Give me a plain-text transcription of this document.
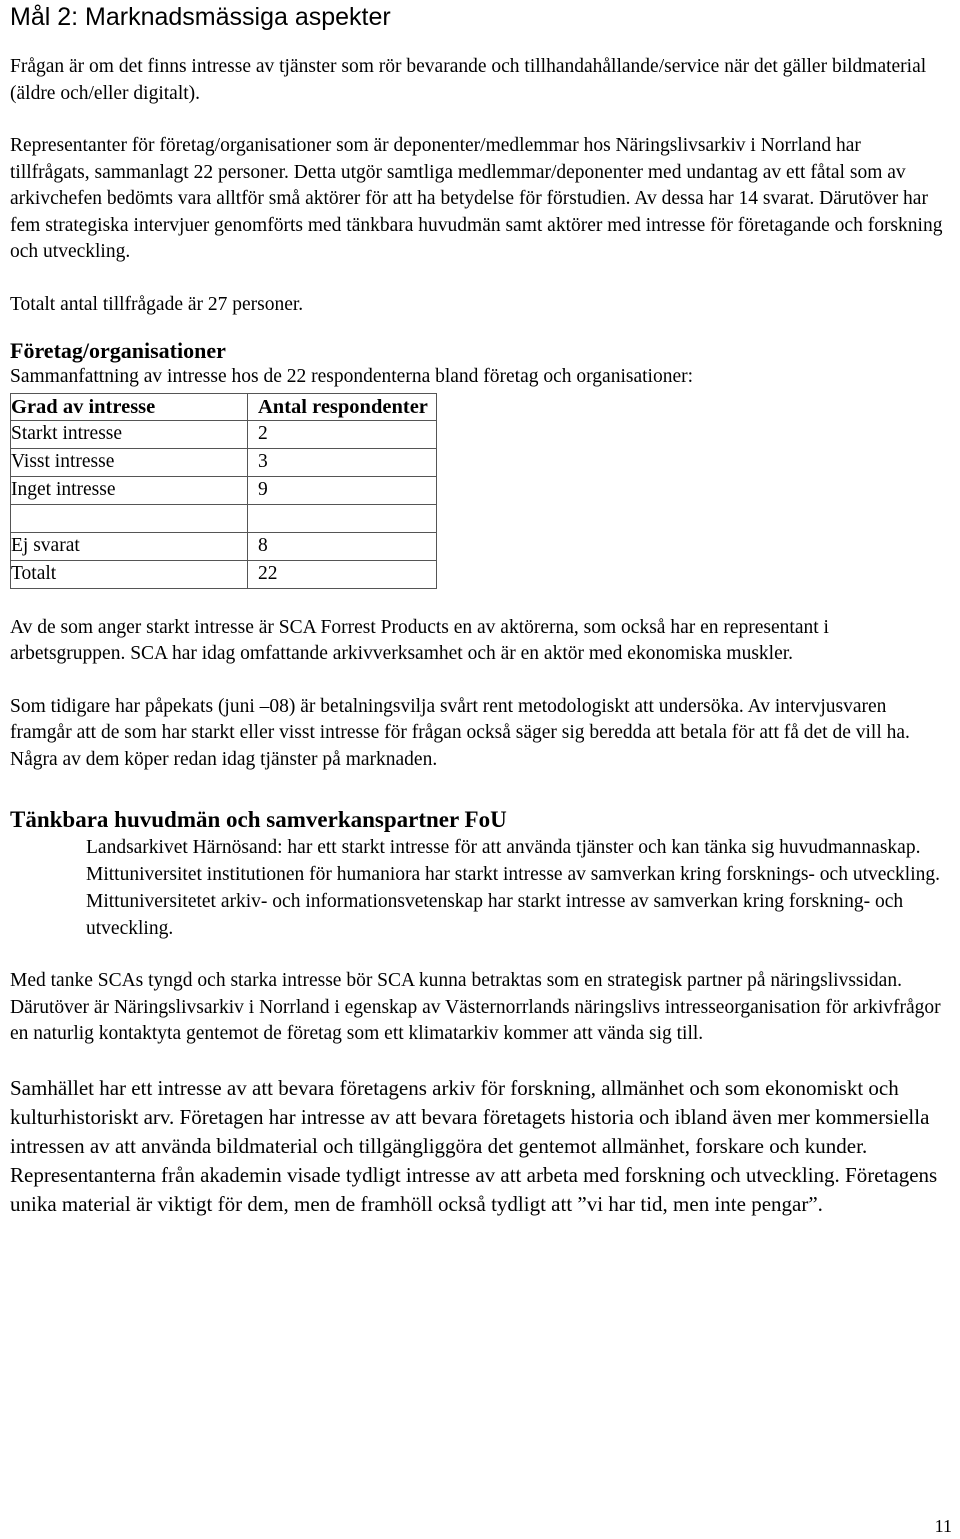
Mål 2: Marknadsmässiga aspekter

Frågan är om det finns intresse av tjänster som rör bevarande och tillhandahållande/service när det gäller bildmaterial (äldre och/eller digitalt).

Representanter för företag/organisationer som är deponenter/medlemmar hos Näringslivsarkiv i Norrland har tillfrågats, sammanlagt 22 personer. Detta utgör samtliga medlemmar/deponenter med undantag av ett fåtal som av arkivchefen bedömts vara alltför små aktörer för att ha betydelse för förstudien. Av dessa har 14 svarat. Därutöver har fem strategiska intervjuer genomförts med tänkbara huvudmän samt aktörer med intresse för företagande och forskning och utveckling.

Totalt antal tillfrågade är 27 personer.

Företag/organisationer

Sammanfattning av intresse hos de 22 respondenterna bland företag och organisationer:

Grad av intresse	Antal respondenter
Starkt intresse	2
Visst intresse	3
Inget intresse	9

Ej svarat	8
Totalt	22

Av de som anger starkt intresse är SCA Forrest Products en av aktörerna, som också har en representant i arbetsgruppen. SCA har idag omfattande arkivverksamhet och är en aktör med ekonomiska muskler.

Som tidigare har påpekats (juni –08) är betalningsvilja svårt rent metodologiskt att undersöka. Av intervjusvaren framgår att de som har starkt eller visst intresse för frågan också säger sig beredda att betala för att få det de vill ha. Några av dem köper redan idag tjänster på marknaden.

Tänkbara huvudmän och samverkanspartner FoU

Landsarkivet Härnösand: har ett starkt intresse för att använda tjänster och kan tänka sig huvudmannaskap.

Mittuniversitet institutionen för humaniora har starkt intresse av samverkan kring forsknings- och utveckling.

Mittuniversitetet arkiv- och informationsvetenskap har starkt intresse av samverkan kring forskning- och utveckling.

Med tanke SCAs tyngd och starka intresse bör SCA kunna betraktas som en strategisk partner på näringslivssidan. Därutöver är Näringslivsarkiv i Norrland i egenskap av Västernorrlands näringslivs intresseorganisation för arkivfrågor en naturlig kontaktyta gentemot de företag som ett klimatarkiv kommer att vända sig till.

Samhället har ett intresse av att bevara företagens arkiv för forskning, allmänhet och som ekonomiskt och kulturhistoriskt arv. Företagen har intresse av att bevara företagets historia och ibland även mer kommersiella intressen av att använda bildmaterial och tillgängliggöra det gentemot allmänhet, forskare och kunder. Representanterna från akademin visade tydligt intresse av att arbeta med forskning och utveckling. Företagens unika material är viktigt för dem, men de framhöll också tydligt att ”vi har tid, men inte pengar”.

11
